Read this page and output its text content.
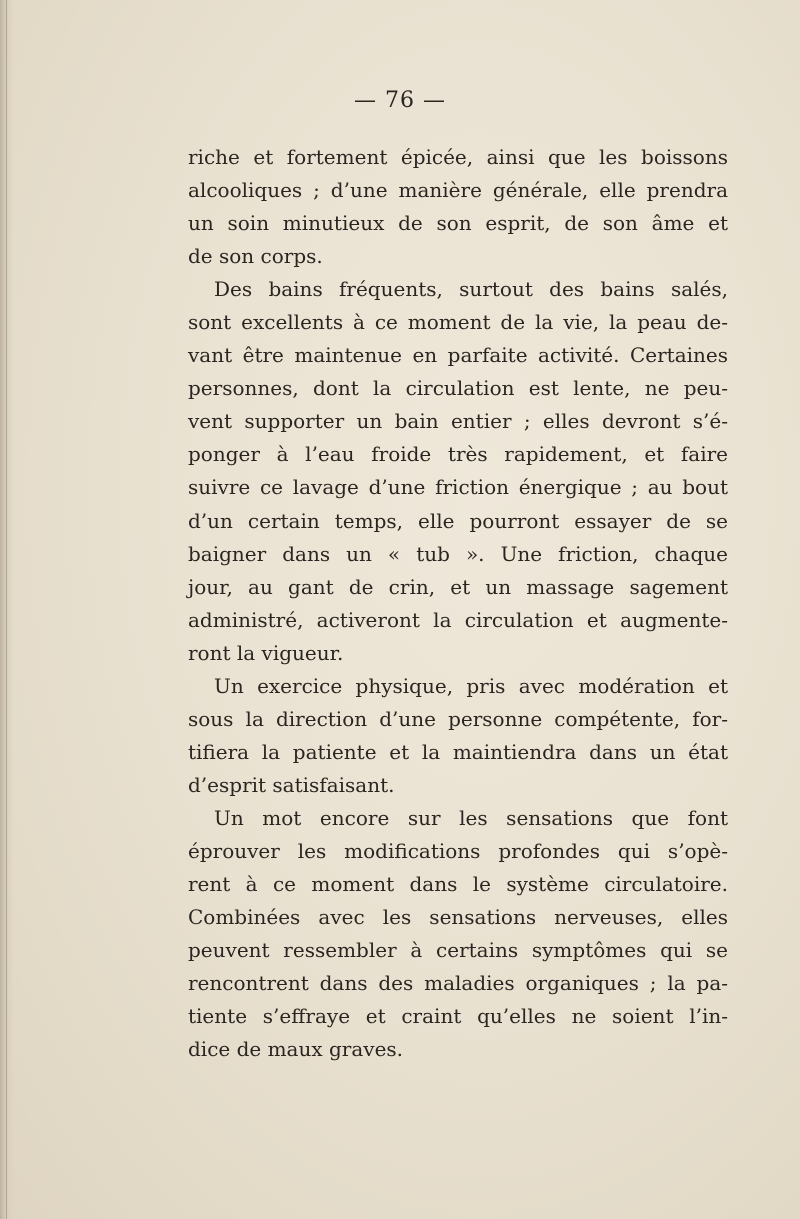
— 76 —
riche et fortement épicée, ainsi que les boissons
alcooliques ; d’une manière générale, elle prendra
un soin minutieux de son esprit, de son âme et
de son corps.
Des bains fréquents, surtout des bains salés,
sont excellents à ce moment de la vie, la peau de-
vant être maintenue en parfaite activité. Certaines
personnes, dont la circulation est lente, ne peu-
vent supporter un bain entier ; elles devront s’é-
ponger à l’eau froide très rapidement, et faire
suivre ce lavage d’une friction énergique ; au bout
d’un certain temps, elle pourront essayer de se
baigner dans un « tub ». Une friction, chaque
jour, au gant de crin, et un massage sagement
administré, activeront la circulation et augmente-
ront la vigueur.
Un exercice physique, pris avec modération et
sous la direction d’une personne compétente, for-
tifiera la patiente et la maintiendra dans un état
d’esprit satisfaisant.
Un mot encore sur les sensations que font
éprouver les modifications profondes qui s’opè-
rent à ce moment dans le système circulatoire.
Combinées avec les sensations nerveuses, elles
peuvent ressembler à certains symptômes qui se
rencontrent dans des maladies organiques ; la pa-
tiente s’effraye et craint qu’elles ne soient l’in-
dice de maux graves.
